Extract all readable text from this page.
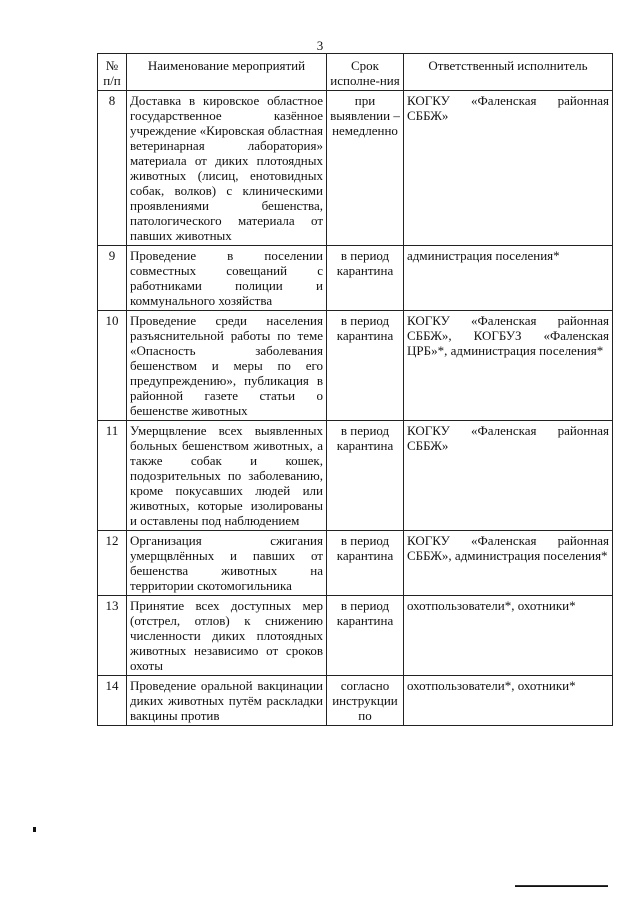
3
№ п/п	Наименование мероприятий	Срок исполне-ния	Ответственный исполнитель
8	Доставка в кировское областное государственное казённое учреждение «Кировская областная ветеринарная лаборатория» материала от диких плотоядных животных (лисиц, енотовидных собак, волков) с клиническими проявлениями бешенства, патологического материала от павших животных	при выявлении – немедленно	КОГКУ «Фаленская районная СББЖ»
9	Проведение в поселении совместных совещаний с работниками полиции и коммунального хозяйства	в период карантина	администрация поселения*
10	Проведение среди населения разъяснительной работы по теме «Опасность заболевания бешенством и меры по его предупреждению», публикация в районной газете статьи о бешенстве животных	в период карантина	КОГКУ «Фаленская районная СББЖ», КОГБУЗ «Фаленская ЦРБ»*, администрация поселения*
11	Умерщвление всех выявленных больных бешенством животных, а также собак и кошек, подозрительных по заболеванию, кроме покусавших людей или животных, которые изолированы и оставлены под наблюдением	в период карантина	КОГКУ «Фаленская районная СББЖ»
12	Организация сжигания умерщвлённых и павших от бешенства животных на территории скотомогильника	в период карантина	КОГКУ «Фаленская районная СББЖ», администрация поселения*
13	Принятие всех доступных мер (отстрел, отлов) к снижению численности диких плотоядных животных независимо от сроков охоты	в период карантина	охотпользователи*, охотники*
14	Проведение оральной вакцинации диких животных путём раскладки вакцины против	согласно инструкции по	охотпользователи*, охотники*
